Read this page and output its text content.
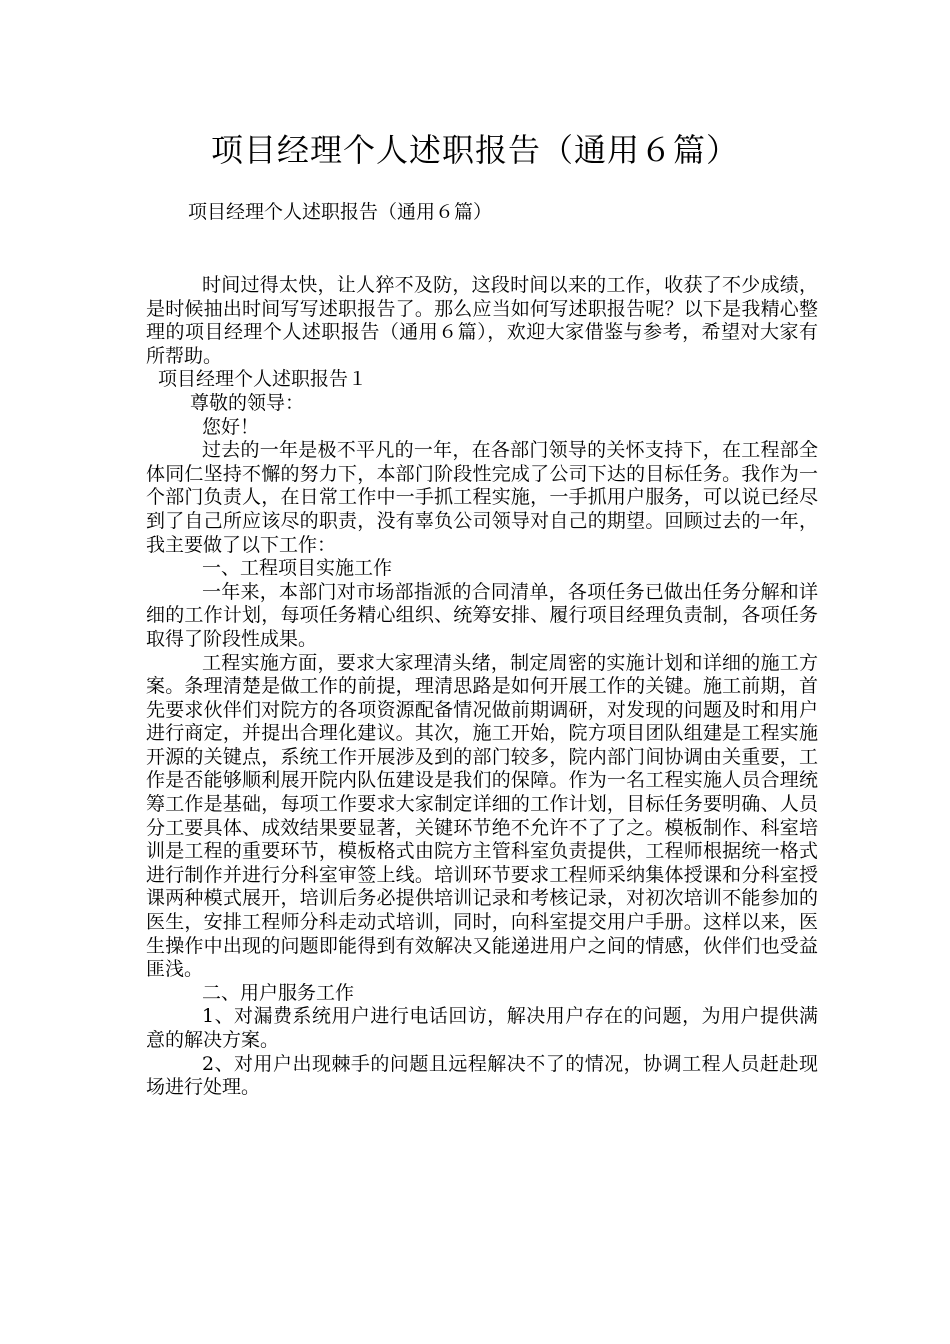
项目经理个人述职报告（通用６篇）
项目经理个人述职报告（通用６篇）

时间过得太快，让人猝不及防，这段时间以来的工作，收获了不少成绩，是时候抽出时间写写述职报告了。那么应当如何写述职报告呢？以下是我精心整理的项目经理个人述职报告（通用６篇），欢迎大家借鉴与参考，希望对大家有所帮助。

项目经理个人述职报告１

尊敬的领导：

您好！

过去的一年是极不平凡的一年，在各部门领导的关怀支持下，在工程部全体同仁坚持不懈的努力下，本部门阶段性完成了公司下达的目标任务。我作为一个部门负责人，在日常工作中一手抓工程实施，一手抓用户服务，可以说已经尽到了自己所应该尽的职责，没有辜负公司领导对自己的期望。回顾过去的一年，我主要做了以下工作：

一、工程项目实施工作

一年来，本部门对市场部指派的合同清单，各项任务已做出任务分解和详细的工作计划，每项任务精心组织、统筹安排、履行项目经理负责制，各项任务取得了阶段性成果。

工程实施方面，要求大家理清头绪，制定周密的实施计划和详细的施工方案。条理清楚是做工作的前提，理清思路是如何开展工作的关键。施工前期，首先要求伙伴们对院方的各项资源配备情况做前期调研，对发现的问题及时和用户进行商定，并提出合理化建议。其次，施工开始，院方项目团队组建是工程实施开源的关键点，系统工作开展涉及到的部门较多，院内部门间协调由关重要，工作是否能够顺利展开院内队伍建设是我们的保障。作为一名工程实施人员合理统筹工作是基础，每项工作要求大家制定详细的工作计划，目标任务要明确、人员分工要具体、成效结果要显著，关键环节绝不允许不了了之。模板制作、科室培训是工程的重要环节，模板格式由院方主管科室负责提供，工程师根据统一格式进行制作并进行分科室审签上线。培训环节要求工程师采纳集体授课和分科室授课两种模式展开，培训后务必提供培训记录和考核记录，对初次培训不能参加的医生，安排工程师分科走动式培训，同时，向科室提交用户手册。这样以来，医生操作中出现的问题即能得到有效解决又能递进用户之间的情感，伙伴们也受益匪浅。

二、用户服务工作

1、对漏费系统用户进行电话回访，解决用户存在的问题，为用户提供满意的解决方案。

2、对用户出现棘手的问题且远程解决不了的情况，协调工程人员赶赴现场进行处理。
